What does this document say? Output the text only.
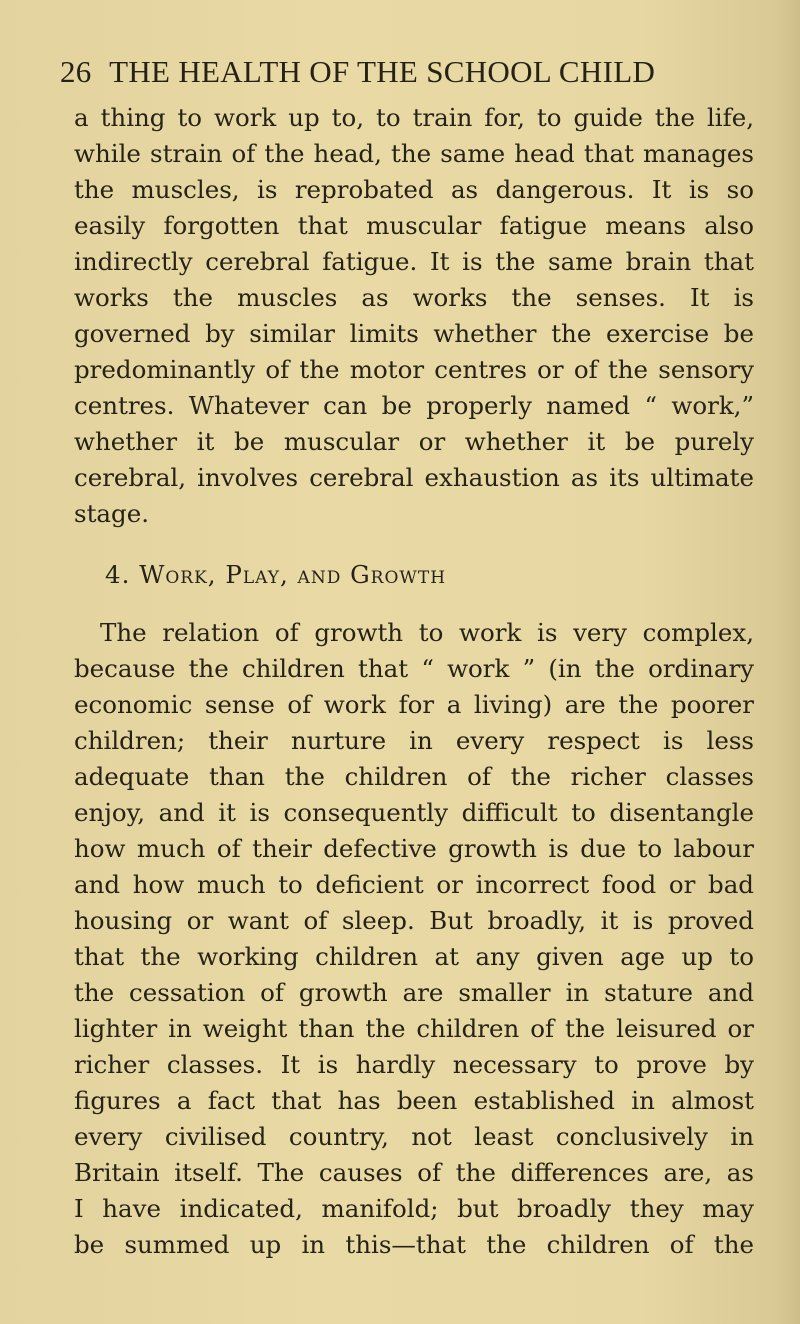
26 THE HEALTH OF THE SCHOOL CHILD
a thing to work up to, to train for, to guide the life,
while strain of the head, the same head that manages
the muscles, is reprobated as dangerous. It is so
easily forgotten that muscular fatigue means also
indirectly cerebral fatigue. It is the same brain that
works the muscles as works the senses. It is
governed by similar limits whether the exercise be
predominantly of the motor centres or of the sensory
centres. Whatever can be properly named “ work,”
whether it be muscular or whether it be purely
cerebral, involves cerebral exhaustion as its ultimate
stage.
4. Work, Play, and Growth
The relation of growth to work is very complex,
because the children that “ work ” (in the ordinary
economic sense of work for a living) are the poorer
children; their nurture in every respect is less
adequate than the children of the richer classes
enjoy, and it is consequently difficult to disentangle
how much of their defective growth is due to labour
and how much to deficient or incorrect food or bad
housing or want of sleep. But broadly, it is proved
that the working children at any given age up to
the cessation of growth are smaller in stature and
lighter in weight than the children of the leisured or
richer classes. It is hardly necessary to prove by
figures a fact that has been established in almost
every civilised country, not least conclusively in
Britain itself. The causes of the differences are, as
I have indicated, manifold; but broadly they may
be summed up in this—that the children of the
